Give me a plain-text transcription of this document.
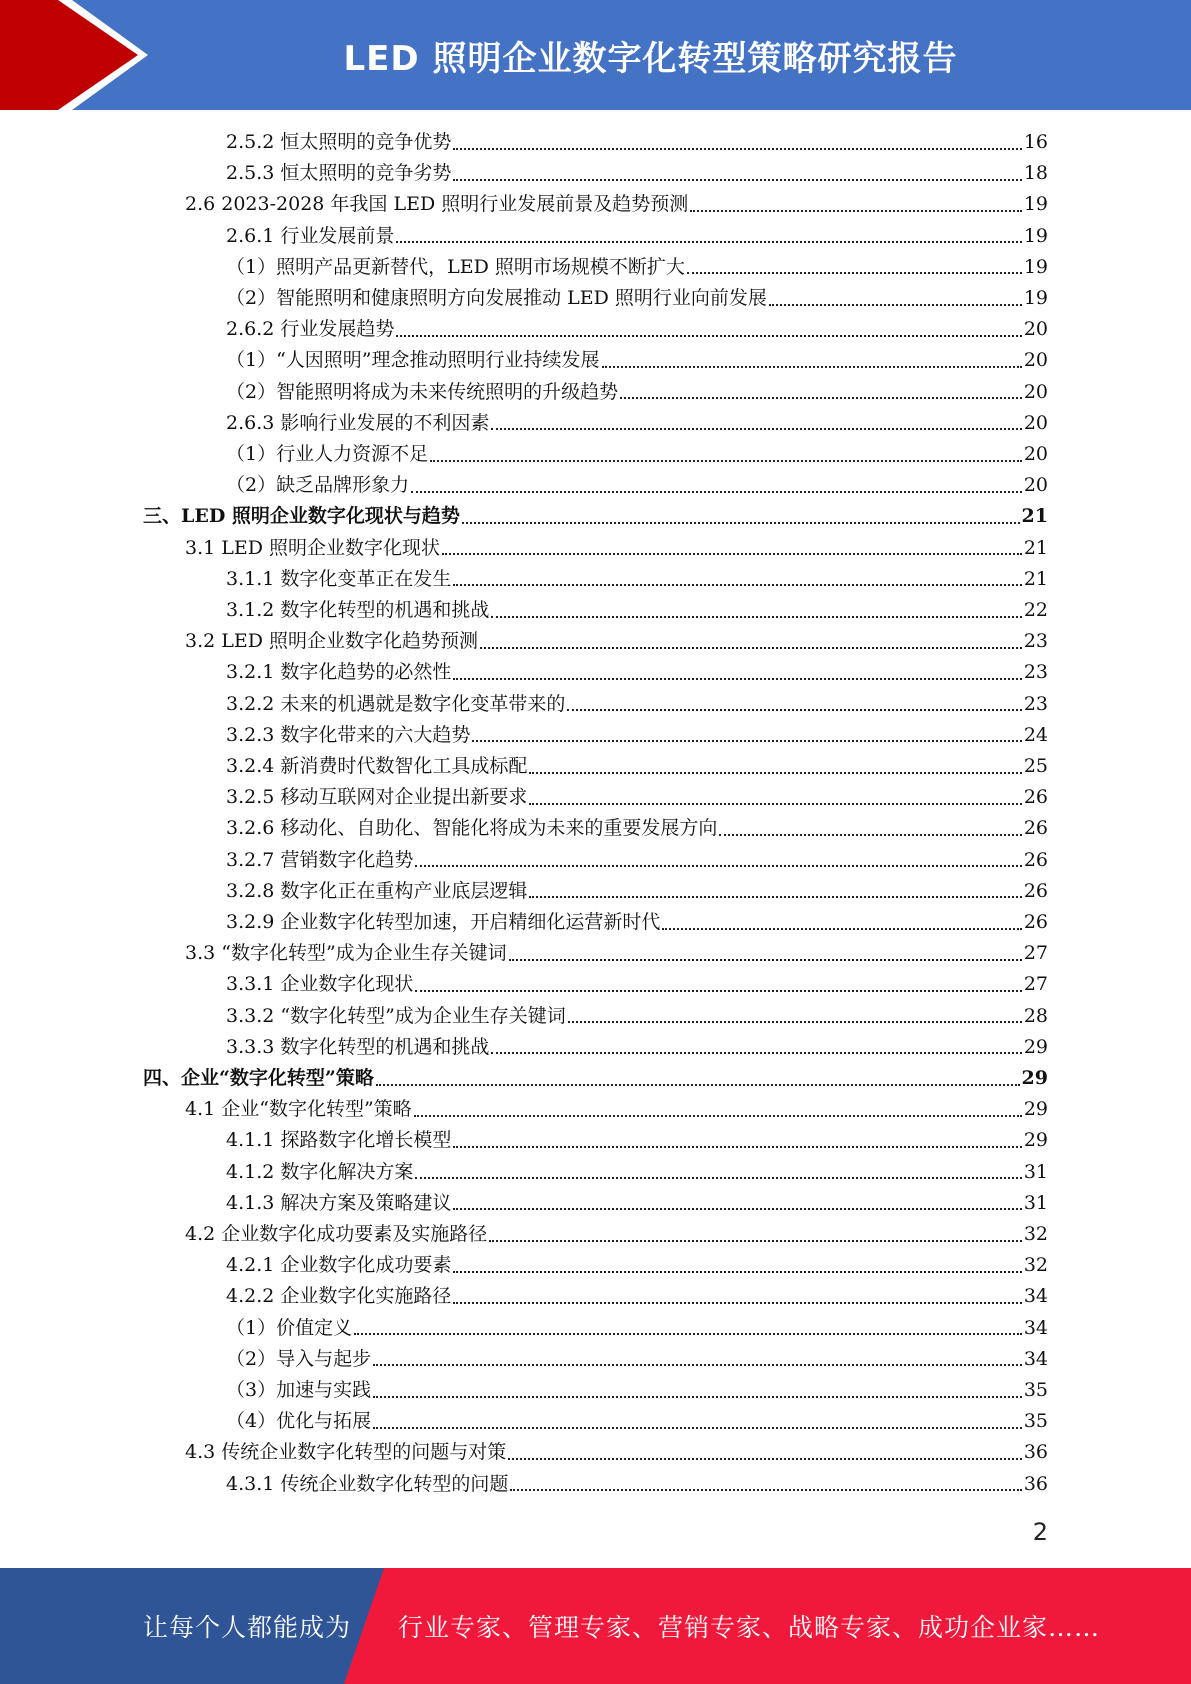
LED 照明企业数字化转型策略研究报告
2.5.2 恒太照明的竞争优势	16
2.5.3 恒太照明的竞争劣势	18
2.6 2023-2028 年我国 LED 照明行业发展前景及趋势预测	19
2.6.1 行业发展前景	19
（1）照明产品更新替代，LED 照明市场规模不断扩大	19
（2）智能照明和健康照明方向发展推动 LED 照明行业向前发展	19
2.6.2 行业发展趋势	20
（1）“人因照明”理念推动照明行业持续发展	20
（2）智能照明将成为未来传统照明的升级趋势	20
2.6.3 影响行业发展的不利因素	20
（1）行业人力资源不足	20
（2）缺乏品牌形象力	20
三、LED 照明企业数字化现状与趋势	21
3.1 LED 照明企业数字化现状	21
3.1.1 数字化变革正在发生	21
3.1.2 数字化转型的机遇和挑战	22
3.2 LED 照明企业数字化趋势预测	23
3.2.1 数字化趋势的必然性	23
3.2.2 未来的机遇就是数字化变革带来的	23
3.2.3 数字化带来的六大趋势	24
3.2.4 新消费时代数智化工具成标配	25
3.2.5 移动互联网对企业提出新要求	26
3.2.6 移动化、自助化、智能化将成为未来的重要发展方向	26
3.2.7 营销数字化趋势	26
3.2.8 数字化正在重构产业底层逻辑	26
3.2.9 企业数字化转型加速，开启精细化运营新时代	26
3.3 “数字化转型”成为企业生存关键词	27
3.3.1 企业数字化现状	27
3.3.2 “数字化转型”成为企业生存关键词	28
3.3.3 数字化转型的机遇和挑战	29
四、企业“数字化转型”策略	29
4.1 企业“数字化转型”策略	29
4.1.1 探路数字化增长模型	29
4.1.2 数字化解决方案	31
4.1.3 解决方案及策略建议	31
4.2 企业数字化成功要素及实施路径	32
4.2.1 企业数字化成功要素	32
4.2.2 企业数字化实施路径	34
（1）价值定义	34
（2）导入与起步	34
（3）加速与实践	35
（4）优化与拓展	35
4.3 传统企业数字化转型的问题与对策	36
4.3.1 传统企业数字化转型的问题	36
2
让每个人都能成为 行业专家、管理专家、营销专家、战略专家、成功企业家……
